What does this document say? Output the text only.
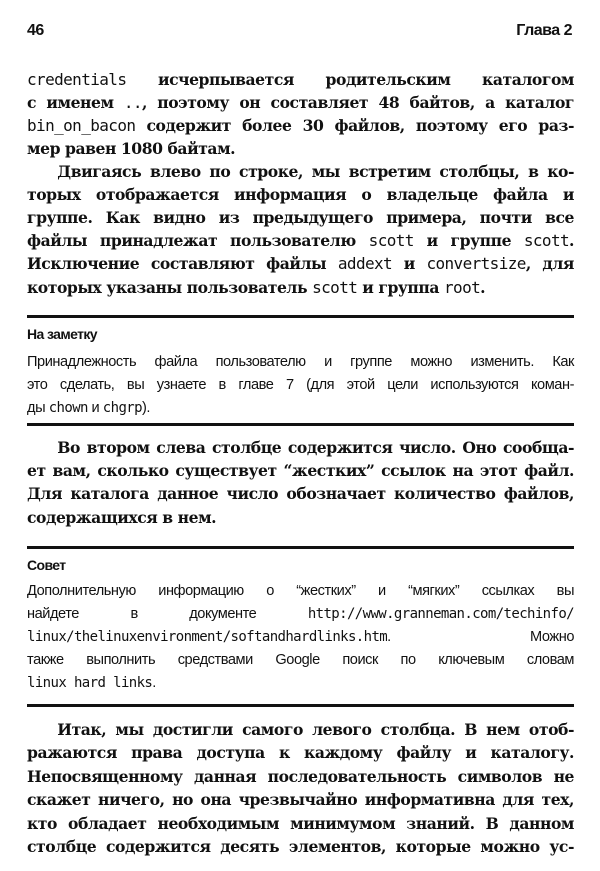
46	Глава 2
credentials исчерпывается родительским каталогом
с именем .., поэтому он составляет 48 байтов, а каталог
bin_on_bacon содержит более 30 файлов, поэтому его раз-
мер равен 1080 байтам.
  Двигаясь влево по строке, мы встретим столбцы, в ко-
торых отображается информация о владельце файла и
группе. Как видно из предыдущего примера, почти все
файлы принадлежат пользователю scott и группе scott.
Исключение составляют файлы addext и convertsize, для
которых указаны пользователь scott и группа root.
На заметку
Принадлежность файла пользователю и группе можно изменить. Как
это сделать, вы узнаете в главе 7 (для этой цели используются коман-
ды chown и chgrp).
  Во втором слева столбце содержится число. Оно сообща-
ет вам, сколько существует “жестких” ссылок на этот файл.
Для каталога данное число обозначает количество файлов,
содержащихся в нем.
Совет
Дополнительную информацию о “жестких” и “мягких” ссылках вы
найдете в документе http://www.granneman.com/techinfo/
linux/thelinuxenvironment/softandhardlinks.htm. Можно
также выполнить средствами Google поиск по ключевым словам
linux hard links.
  Итак, мы достигли самого левого столбца. В нем отоб-
ражаются права доступа к каждому файлу и каталогу.
Непосвященному данная последовательность символов не
скажет ничего, но она чрезвычайно информативна для тех,
кто обладает необходимым минимумом знаний. В данном
столбце содержится десять элементов, которые можно ус-
